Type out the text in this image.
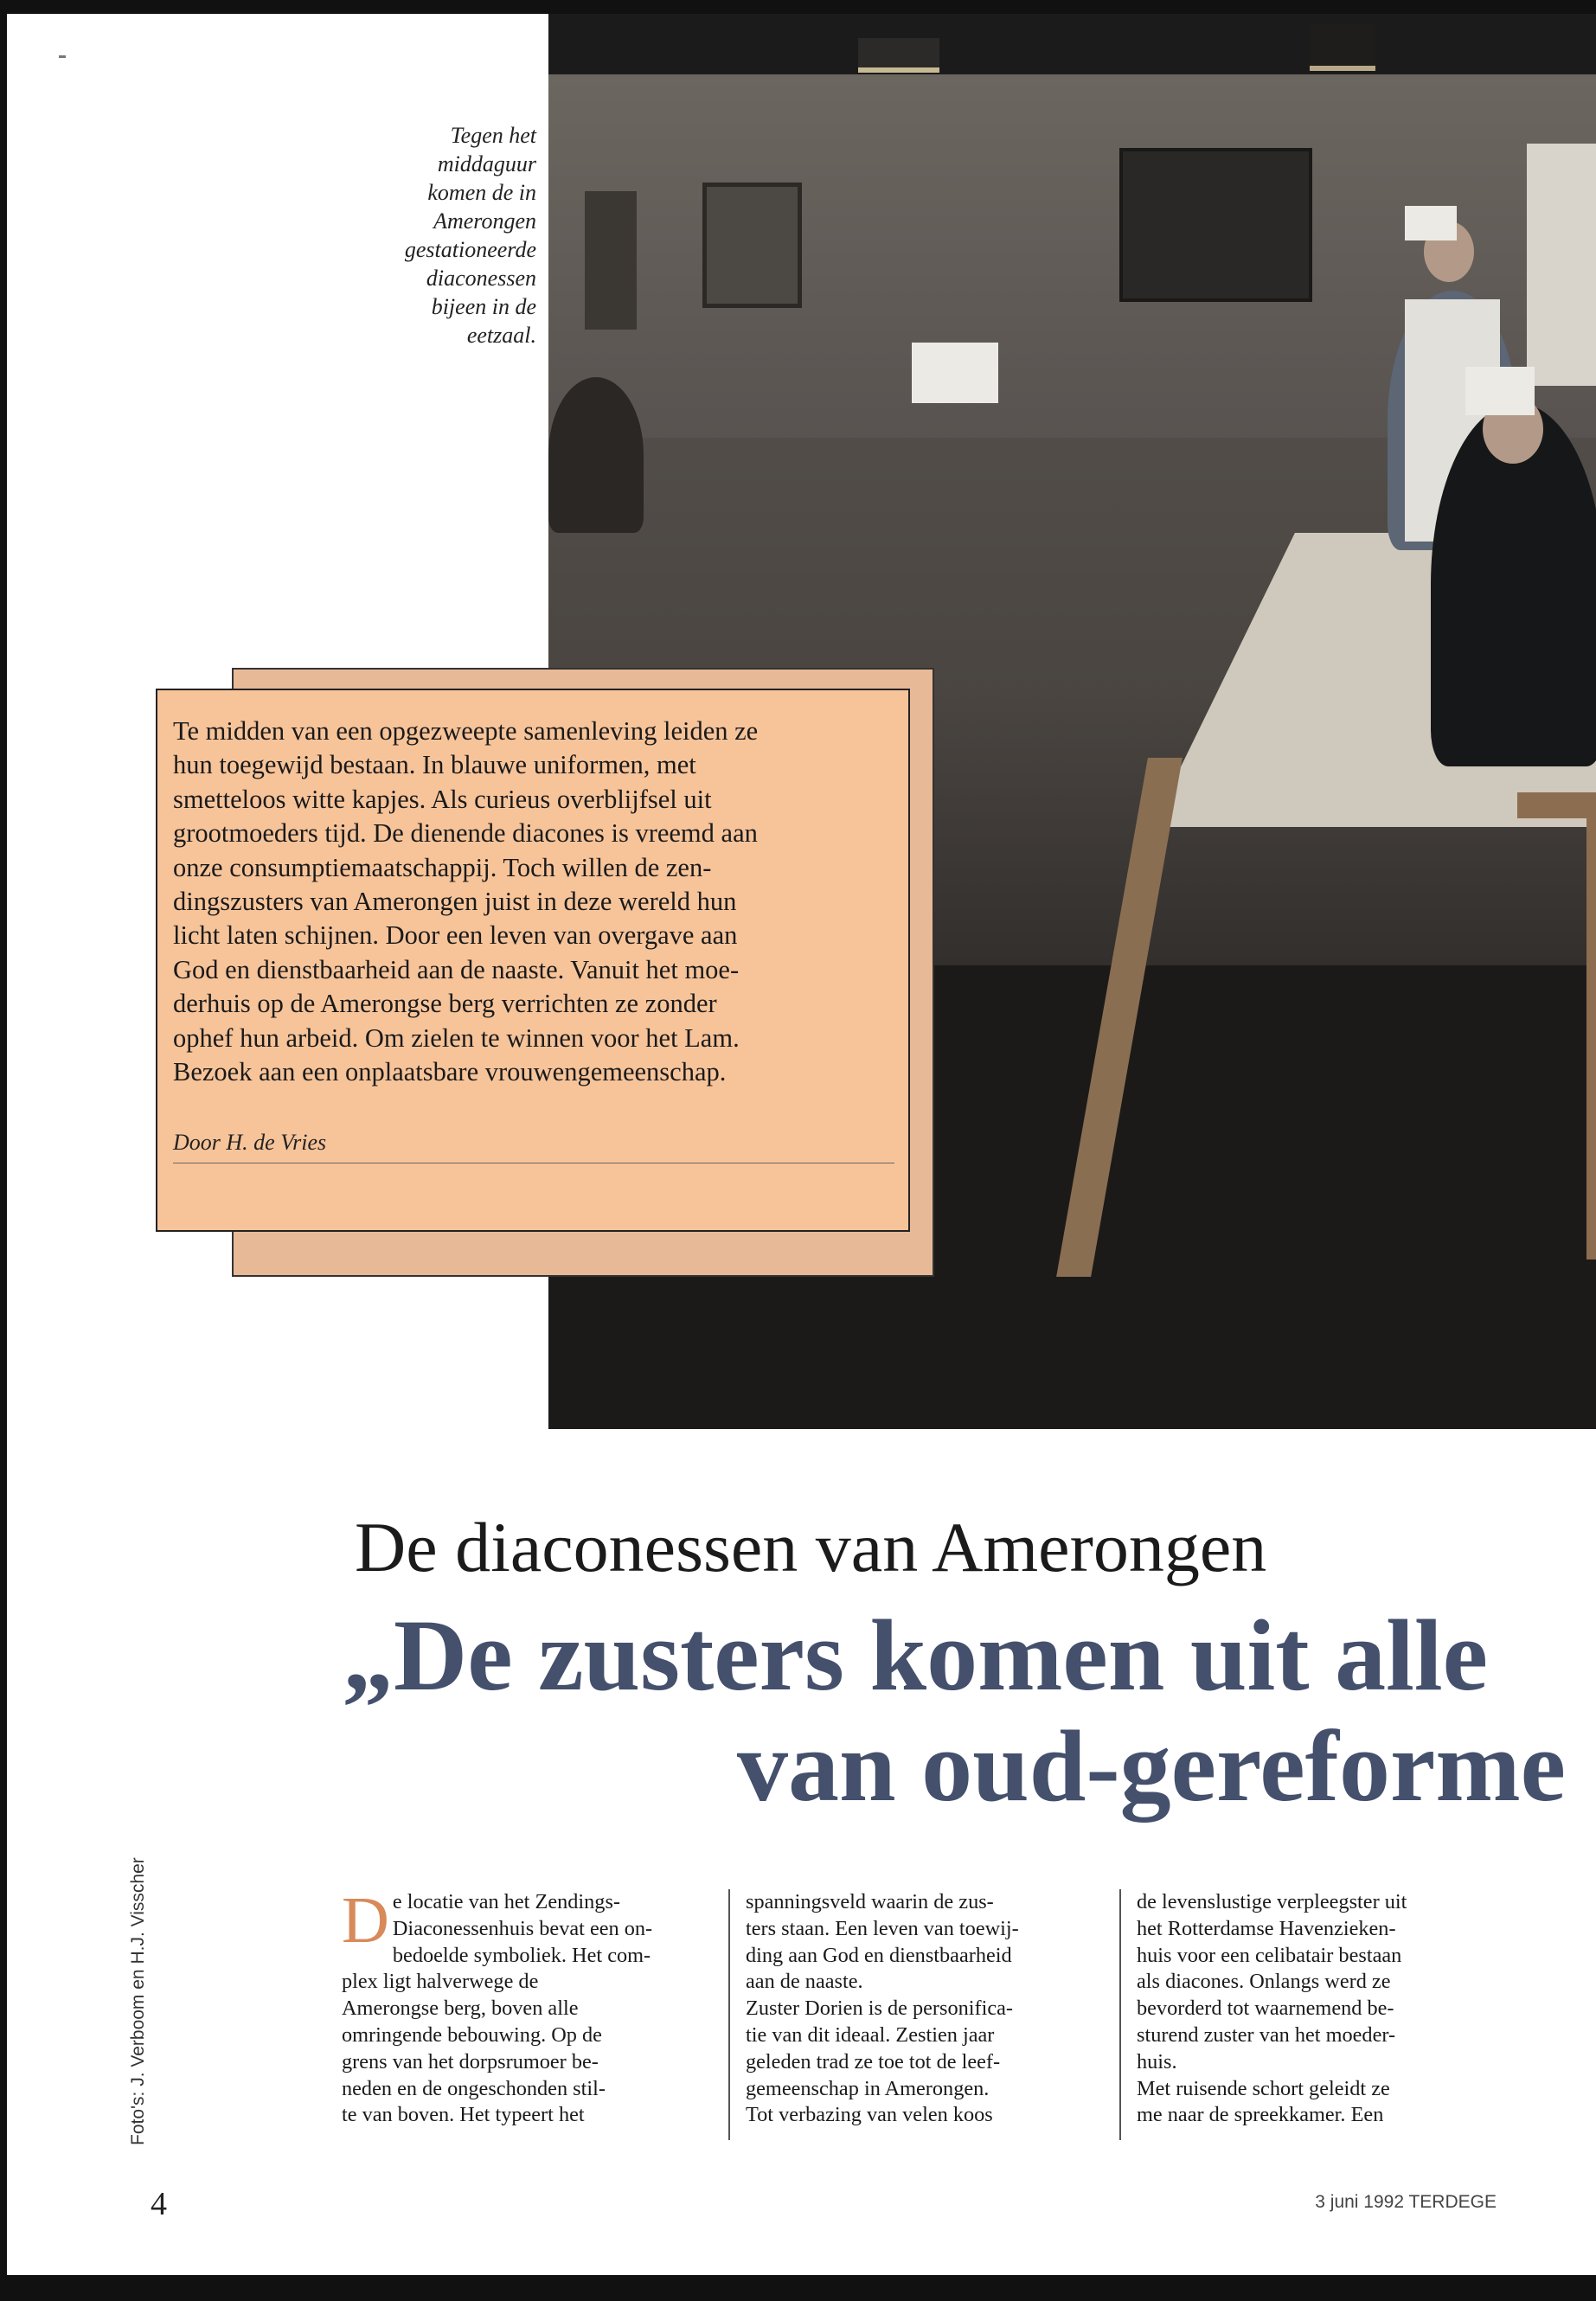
Tegen het
middaguur
komen de in
Amerongen
gestationeerde
diaconessen
bijeen in de
eetzaal.
Te midden van een opgezweepte samenleving leiden ze
hun toegewijd bestaan. In blauwe uniformen, met
smetteloos witte kapjes. Als curieus overblijfsel uit
grootmoeders tijd. De dienende diacones is vreemd aan
onze consumptiemaatschappij. Toch willen de zen-
dingszusters van Amerongen juist in deze wereld hun
licht laten schijnen. Door een leven van overgave aan
God en dienstbaarheid aan de naaste. Vanuit het moe-
derhuis op de Amerongse berg verrichten ze zonder
ophef hun arbeid. Om zielen te winnen voor het Lam.
Bezoek aan een onplaatsbare vrouwengemeenschap.
Door H. de Vries
De diaconessen van Amerongen
„De zusters komen uit alle
van oud-gereforme
Foto's: J. Verboom en H.J. Visscher	D e locatie van het Zendings-
Diaconessenhuis bevat een on-
bedoelde symboliek. Het com-
plex ligt halverwege de
Amerongse berg, boven alle
omringende bebouwing. Op de
grens van het dorpsrumoer be-
neden en de ongeschonden stil-
te van boven. Het typeert het
spanningsveld waarin de zus-
ters staan. Een leven van toewij-
ding aan God en dienstbaarheid
aan de naaste.
Zuster Dorien is de personifica-
tie van dit ideaal. Zestien jaar
geleden trad ze toe tot de leef-
gemeenschap in Amerongen.
Tot verbazing van velen koos
de levenslustige verpleegster uit
het Rotterdamse Havenzieken-
huis voor een celibatair bestaan
als diacones. Onlangs werd ze
bevorderd tot waarnemend be-
sturend zuster van het moeder-
huis.
Met ruisende schort geleidt ze
me naar de spreekkamer. Een
4	3 juni 1992 TERDEGE
